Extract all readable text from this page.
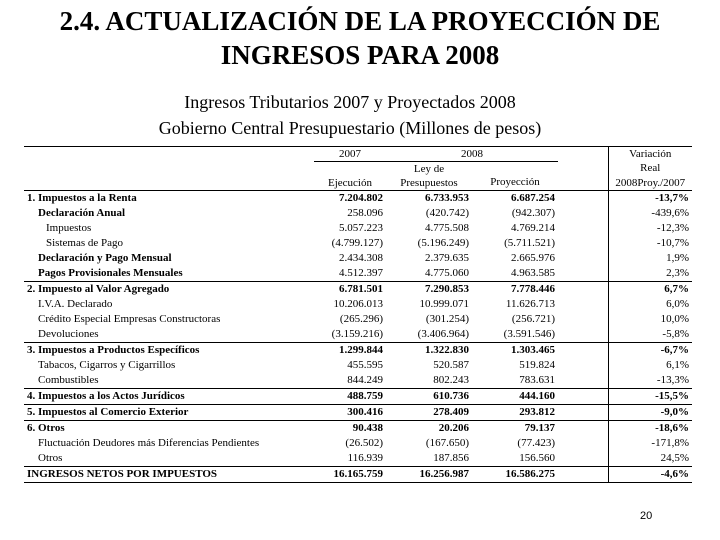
2.4. ACTUALIZACIÓN DE LA PROYECCIÓN DE
INGRESOS PARA 2008
Ingresos Tributarios 2007 y Proyectados 2008
Gobierno Central Presupuestario (Millones de pesos)
	2007	2008			Variación
		Ley de			Real
	Ejecución	Presupuestos	Proyección		2008Proy./2007
1. Impuestos a la Renta	7.204.802	6.733.953	6.687.254		-13,7%
Declaración Anual	258.096	(420.742)	(942.307)		-439,6%
Impuestos	5.057.223	4.775.508	4.769.214		-12,3%
Sistemas de Pago	(4.799.127)	(5.196.249)	(5.711.521)		-10,7%
Declaración y Pago Mensual	2.434.308	2.379.635	2.665.976		1,9%
Pagos Provisionales Mensuales	4.512.397	4.775.060	4.963.585		2,3%
2. Impuesto al Valor Agregado	6.781.501	7.290.853	7.778.446		6,7%
I.V.A. Declarado	10.206.013	10.999.071	11.626.713		6,0%
Crédito Especial Empresas Constructoras	(265.296)	(301.254)	(256.721)		10,0%
Devoluciones	(3.159.216)	(3.406.964)	(3.591.546)		-5,8%
3. Impuestos a Productos Específicos	1.299.844	1.322.830	1.303.465		-6,7%
Tabacos, Cigarros y Cigarrillos	455.595	520.587	519.824		6,1%
Combustibles	844.249	802.243	783.631		-13,3%
4. Impuestos a los Actos Jurídicos	488.759	610.736	444.160		-15,5%
5. Impuestos al Comercio Exterior	300.416	278.409	293.812		-9,0%
6. Otros	90.438	20.206	79.137		-18,6%
Fluctuación Deudores más Diferencias Pendientes	(26.502)	(167.650)	(77.423)		-171,8%
Otros	116.939	187.856	156.560		24,5%
INGRESOS NETOS POR IMPUESTOS	16.165.759	16.256.987	16.586.275		-4,6%
20
